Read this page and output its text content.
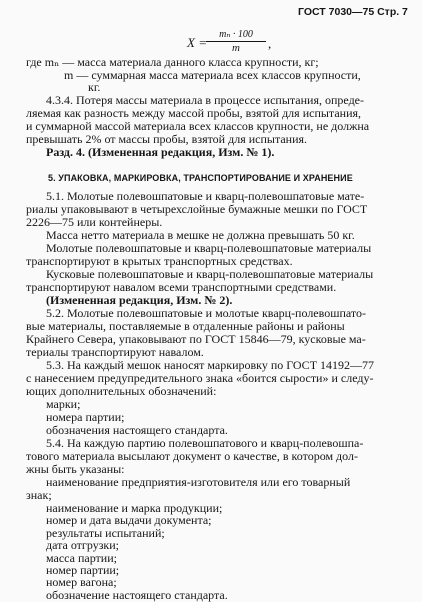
ГОСТ 7030—75 Стр. 7
$X = \frac{\text{mₙ · 100}}{m}$ ,
где mₙ — масса материала данного класса крупности, кг;
m — суммарная масса материала всех классов крупности,
кг.
4.3.4. Потеря массы материала в процессе испытания, опреде-
ляемая как разность между массой пробы, взятой для испытания,
и суммарной массой материала всех классов крупности, не должна
превышать 2% от массы пробы, взятой для испытания.
Разд. 4. (Измененная редакция, Изм. № 1).
5. УПАКОВКА, МАРКИРОВКА, ТРАНСПОРТИРОВАНИЕ И ХРАНЕНИЕ
5.1. Молотые полевошпатовые и кварц-полевошпатовые мате-
риалы упаковывают в четырехслойные бумажные мешки по ГОСТ
2226—75 или контейнеры.
Масса нетто материала в мешке не должна превышать 50 кг.
Молотые полевошпатовые и кварц-полевошпатовые материалы
транспортируют в крытых транспортных средствах.
Кусковые полевошпатовые и кварц-полевошпатовые материалы
транспортируют навалом всеми транспортными средствами.
(Измененная редакция, Изм. № 2).
5.2. Молотые полевошпатовые и молотые кварц-полевошпато-
вые материалы, поставляемые в отдаленные районы и районы
Крайнего Севера, упаковывают по ГОСТ 15846—79, кусковые ма-
териалы транспортируют навалом.
5.3. На каждый мешок наносят маркировку по ГОСТ 14192—77
с нанесением предупредительного знака «боится сырости» и следу-
ющих дополнительных обозначений:
марки;
номера партии;
обозначения настоящего стандарта.
5.4. На каждую партию полевошпатового и кварц-полевошпа-
тового материала высылают документ о качестве, в котором дол-
жны быть указаны:
наименование предприятия-изготовителя или его товарный
знак;
наименование и марка продукции;
номер и дата выдачи документа;
результаты испытаний;
дата отгрузки;
масса партии;
номер партии;
номер вагона;
обозначение настоящего стандарта.
